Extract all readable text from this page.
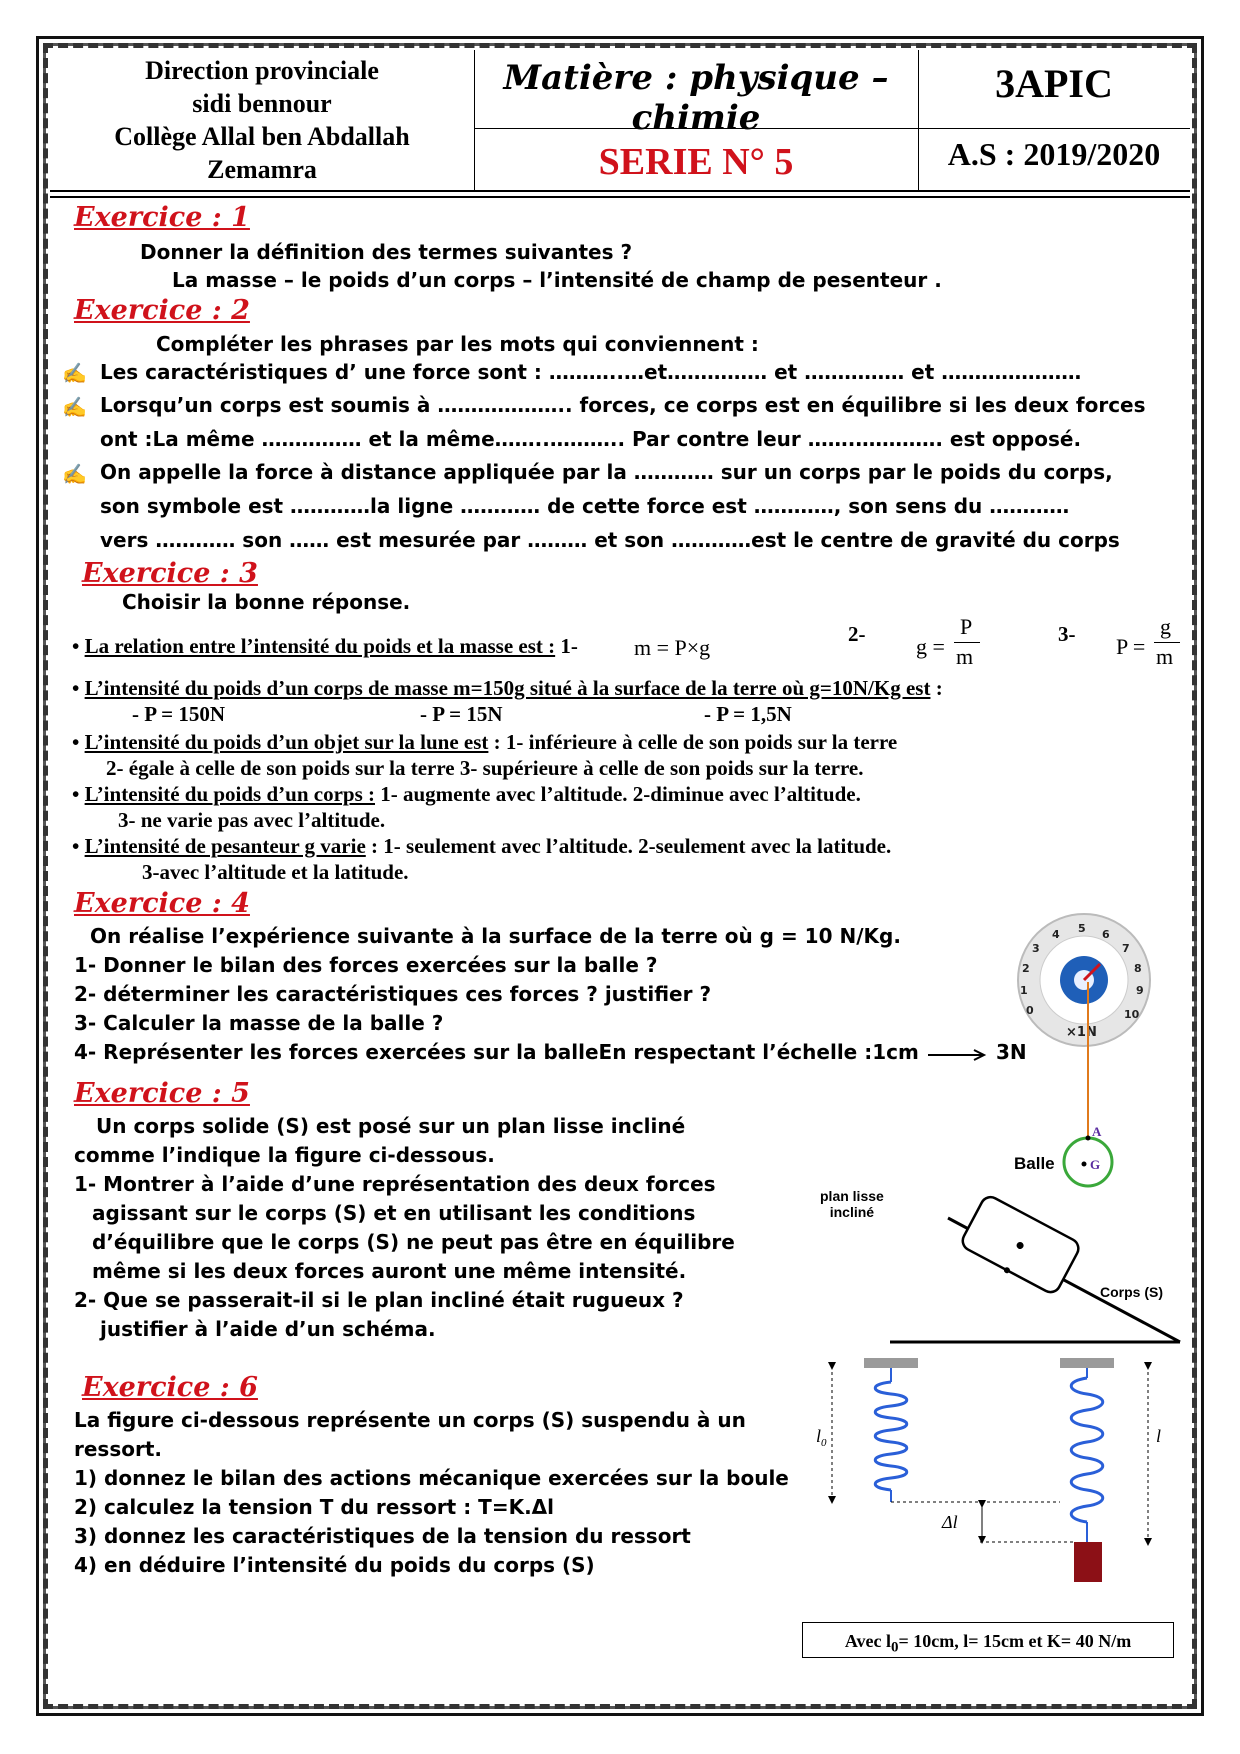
Direction provinciale
sidi bennour
Collège Allal ben Abdallah
Zemamra
Matière : physique – chimie
SERIE N° 5
3APIC
A.S : 2019/2020
Exercice : 1
Donner la définition des termes suivantes ?
La masse – le poids d’un corps – l’intensité de champ de pesenteur .
Exercice : 2
Compléter les phrases par les mots qui conviennent :
✍ Les caractéristiques d’ une force sont : ………..…et…………… et …………… et …………………
✍ Lorsqu’un corps est soumis à ……………….. forces, ce corps est en équilibre si les deux forces
ont :La même …………… et la même……..……….. Par contre leur …….…………. est opposé.
✍ On appelle la force à distance appliquée par la ………… sur un corps par le poids du corps,
son symbole est …………la ligne ………… de cette force est …………, son sens du …………
vers ………… son …… est mesurée par ……… et son …………est le centre de gravité du corps
Exercice : 3
Choisir la bonne réponse.
• La relation entre l’intensité du poids et la masse est : 1-	m = P×g
2- g =
P
m
3- P =
g
m
• L’intensité du poids d’un corps de masse m=150g situé à la surface de la terre où g=10N/Kg est :
- P = 150N	- P = 15N	- P = 1,5N
• L’intensité du poids d’un objet sur la lune est : 1- inférieure à celle de son poids sur la terre
2- égale à celle de son poids sur la terre 3- supérieure à celle de son poids sur la terre.
• L’intensité du poids d’un corps : 1- augmente avec l’altitude. 2-diminue avec l’altitude.
3- ne varie pas avec l’altitude.
• L’intensité de pesanteur g varie : 1- seulement avec l’altitude. 2-seulement avec la latitude.
3-avec l’altitude et la latitude.
Exercice : 4
On réalise l’expérience suivante à la surface de la terre où g = 10 N/Kg.
1- Donner le bilan des forces exercées sur la balle ?
2- déterminer les caractéristiques ces forces ? justifier ?
3- Calculer la masse de la balle ?
4- Représenter les forces exercées sur la balleEn respectant l’échelle :1cm	3N
0
1
2
3
4 5 6
7
8
9
10
×1N
A
G
Balle
Exercice : 5
Un corps solide (S) est posé sur un plan lisse incliné
comme l’indique la figure ci-dessous.
1- Montrer à l’aide d’une représentation des deux forces
agissant sur le corps (S) et en utilisant les conditions
d’équilibre que le corps (S) ne peut pas être en équilibre
même si les deux forces auront une même intensité.
2- Que se passerait-il si le plan incliné était rugueux ?
justifier à l’aide d’un schéma.
plan lisse
incliné
Corps (S)
Exercice : 6
La figure ci-dessous représente un corps (S) suspendu à un
ressort.
1) donnez le bilan des actions mécanique exercées sur la boule
2) calculez la tension T du ressort : T=K.Δl
3) donnez les caractéristiques de la tension du ressort
4) en déduire l’intensité du poids du corps (S)
$l_0$	l
Δl
Avec $l_0= 10cm$, l= 15cm et K= 40 N/m
